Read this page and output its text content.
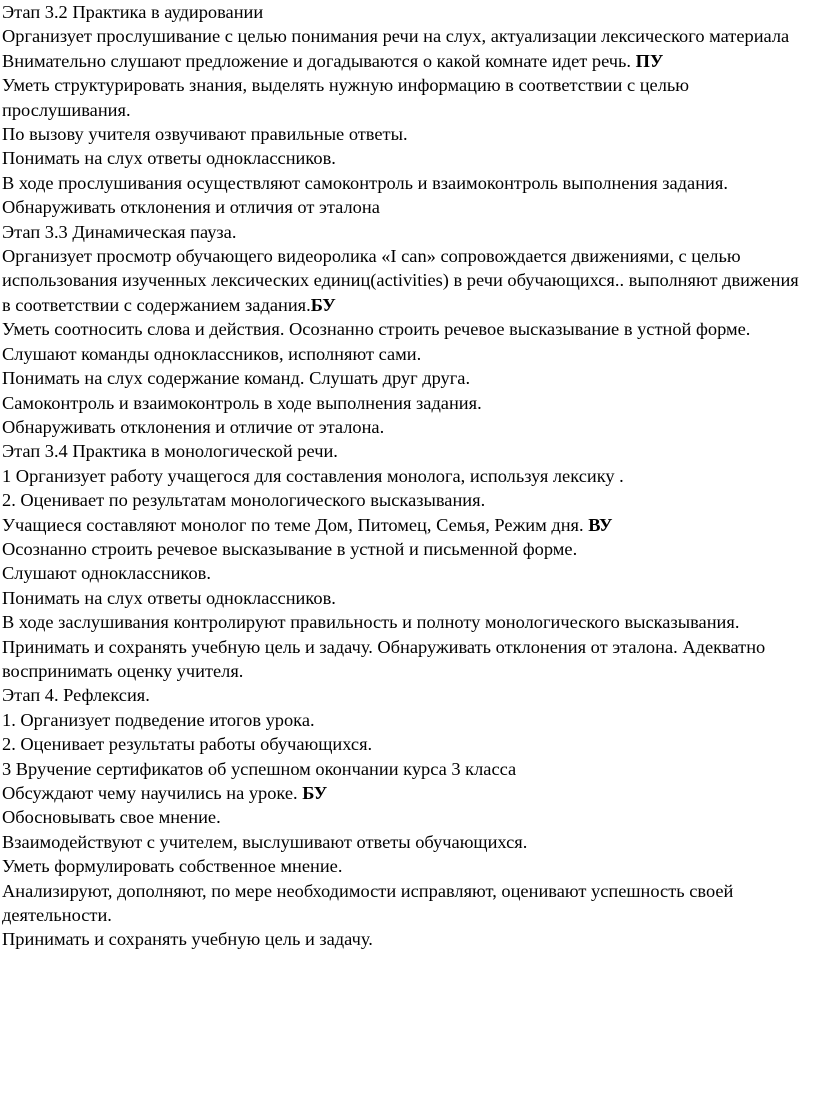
Этап 3.2 Практика в аудировании

Организует прослушивание с целью понимания речи на слух, актуализации лексического материала

Внимательно слушают предложение и догадываются о какой комнате идет речь. ПУ

Уметь структурировать знания, выделять нужную информацию в соответствии с целью прослушивания.

По вызову учителя озвучивают правильные ответы.

Понимать на слух ответы одноклассников.

В ходе прослушивания осуществляют самоконтроль и взаимоконтроль выполнения задания.

Обнаруживать отклонения и отличия от эталона

Этап 3.3 Динамическая пауза.

Организует просмотр обучающего видеоролика «I can» сопровождается движениями, с целью использования изученных лексических единиц(activities) в речи обучающихся.. выполняют движения в соответствии с содержанием задания.БУ

Уметь соотносить слова и действия. Осознанно строить речевое высказывание в устной форме.

Слушают команды одноклассников, исполняют сами.

Понимать на слух содержание команд. Слушать друг друга.

Самоконтроль и взаимоконтроль в ходе выполнения задания.

Обнаруживать отклонения и отличие от эталона.

Этап 3.4 Практика в монологической речи.

1 Организует работу учащегося для составления монолога, используя лексику .

2. Оценивает по результатам монологического высказывания.

Учащиеся составляют монолог по теме Дом, Питомец, Семья, Режим дня. ВУ

Осознанно строить речевое высказывание в устной и письменной форме.

Слушают одноклассников.

Понимать на слух ответы одноклассников.

В ходе заслушивания контролируют правильность и полноту монологического высказывания.

Принимать и сохранять учебную цель и задачу. Обнаруживать отклонения от эталона. Адекватно воспринимать оценку учителя.

Этап 4. Рефлексия.

1. Организует подведение итогов урока.

2. Оценивает результаты работы обучающихся.

3 Вручение сертификатов об успешном окончании курса 3 класса

Обсуждают чему научились на уроке. БУ

Обосновывать свое мнение.

Взаимодействуют с учителем, выслушивают ответы обучающихся.

Уметь формулировать собственное мнение.

Анализируют, дополняют, по мере необходимости исправляют, оценивают успешность своей деятельности.

Принимать и сохранять учебную цель и задачу.
